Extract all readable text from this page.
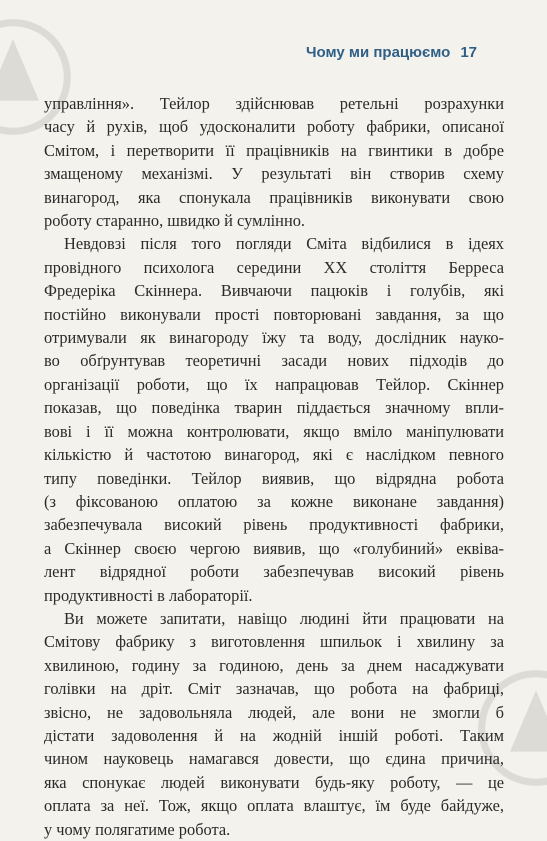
Чому ми працюємо 17
управління». Тейлор здійснював ретельні розрахунки
часу й рухів, щоб удосконалити роботу фабрики, описаної
Смітом, і перетворити її працівників на гвинтики в добре
змащеному механізмі. У результаті він створив схему
винагород, яка спонукала працівників виконувати свою
роботу старанно, швидко й сумлінно.
Невдовзі після того погляди Сміта відбилися в ідеях
провідного психолога середини XX століття Берреса
Фредеріка Скіннера. Вивчаючи пацюків і голубів, які
постійно виконували прості повторювані завдання, за що
отримували як винагороду їжу та воду, дослідник науко-
во обґрунтував теоретичні засади нових підходів до
організації роботи, що їх напрацював Тейлор. Скіннер
показав, що поведінка тварин піддається значному впли-
вові і її можна контролювати, якщо вміло маніпулювати
кількістю й частотою винагород, які є наслідком певного
типу поведінки. Тейлор виявив, що відрядна робота
(з фіксованою оплатою за кожне виконане завдання)
забезпечувала високий рівень продуктивності фабрики,
а Скіннер своєю чергою виявив, що «голубиний» еквіва-
лент відрядної роботи забезпечував високий рівень
продуктивності в лабораторії.
Ви можете запитати, навіщо людині йти працювати на
Смітову фабрику з виготовлення шпильок і хвилину за
хвилиною, годину за годиною, день за днем насаджувати
голівки на дріт. Сміт зазначав, що робота на фабриці,
звісно, не задовольняла людей, але вони не змогли б
дістати задоволення й на жодній іншій роботі. Таким
чином науковець намагався довести, що єдина причина,
яка спонукає людей виконувати будь-яку роботу, — це
оплата за неї. Тож, якщо оплата влаштує, їм буде байдуже,
у чому полягатиме робота.
